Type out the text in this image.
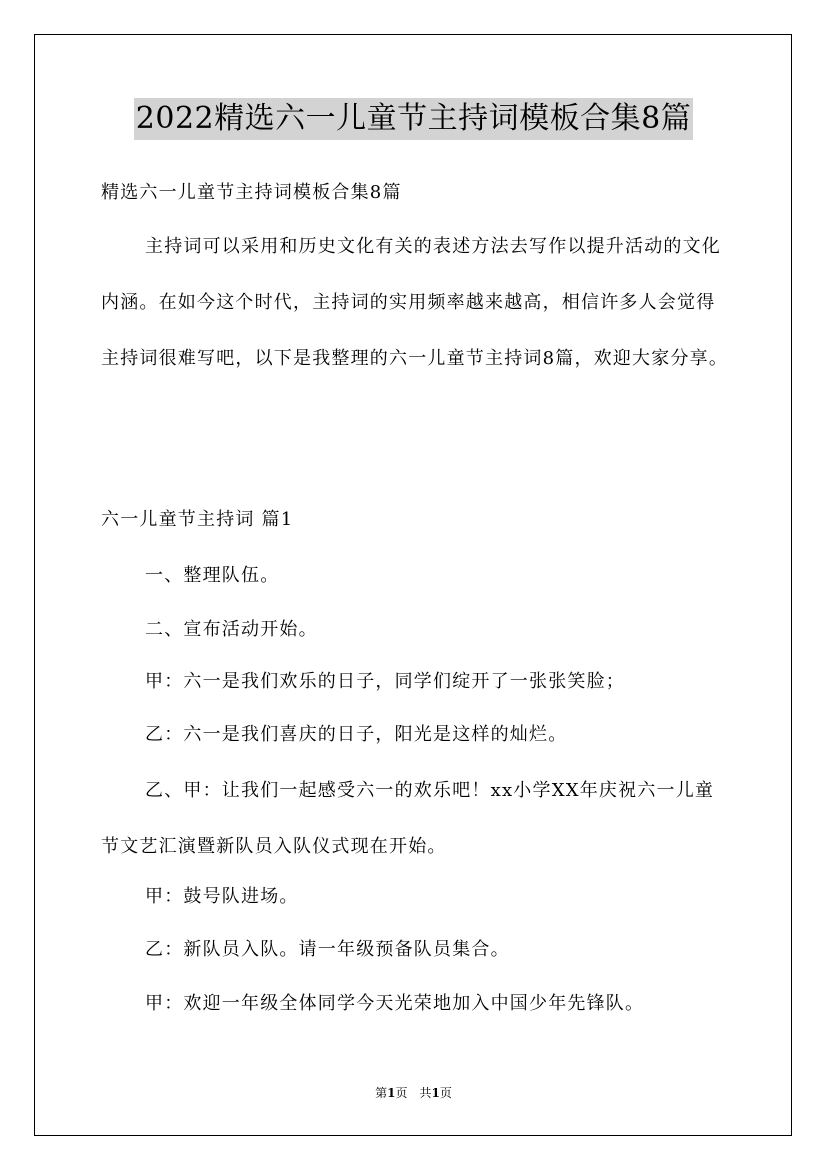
2022精选六一儿童节主持词模板合集8篇
精选六一儿童节主持词模板合集8篇
主持词可以采用和历史文化有关的表述方法去写作以提升活动的文化内涵。在如今这个时代，主持词的实用频率越来越高，相信许多人会觉得主持词很难写吧，以下是我整理的六一儿童节主持词8篇，欢迎大家分享。
六一儿童节主持词 篇1
一、整理队伍。
二、宣布活动开始。
甲：六一是我们欢乐的日子，同学们绽开了一张张笑脸；
乙：六一是我们喜庆的日子，阳光是这样的灿烂。
乙、甲：让我们一起感受六一的欢乐吧！xx小学XX年庆祝六一儿童节文艺汇演暨新队员入队仪式现在开始。
甲：鼓号队进场。
乙：新队员入队。请一年级预备队员集合。
甲：欢迎一年级全体同学今天光荣地加入中国少年先锋队。
第1页　共1页
